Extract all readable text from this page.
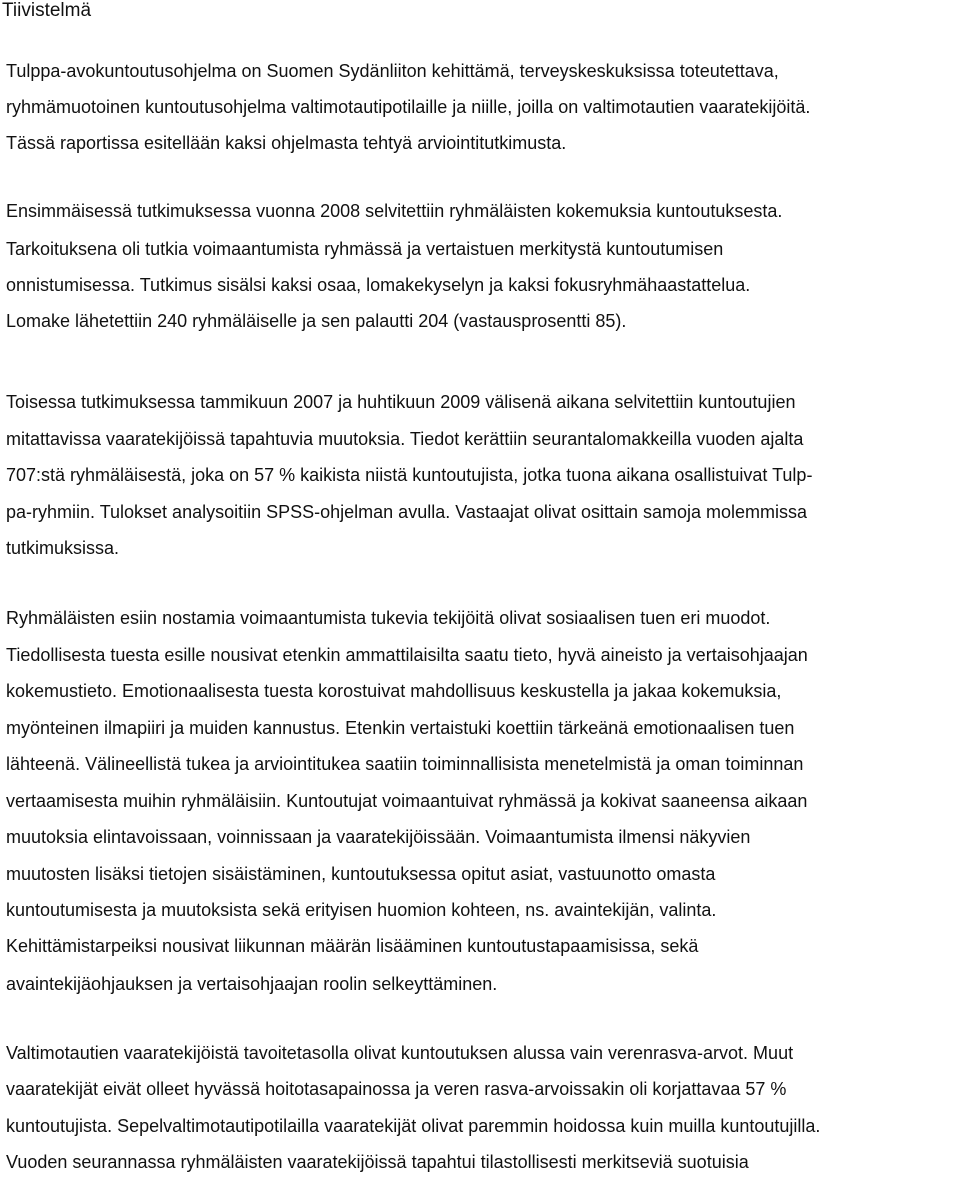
Tiivistelmä

Tulppa-avokuntoutusohjelma on Suomen Sydänliiton kehittämä, terveyskeskuksissa toteutettava,

ryhmämuotoinen kuntoutusohjelma valtimotautipotilaille ja niille, joilla on valtimotautien vaaratekijöitä.

Tässä raportissa esitellään kaksi ohjelmasta tehtyä arviointitutkimusta.

Ensimmäisessä tutkimuksessa vuonna 2008 selvitettiin ryhmäläisten kokemuksia kuntoutuksesta.

Tarkoituksena oli tutkia voimaantumista ryhmässä ja vertaistuen merkitystä kuntoutumisen

onnistumisessa. Tutkimus sisälsi kaksi osaa, lomakekyselyn ja kaksi fokusryhmähaastattelua.

Lomake lähetettiin 240 ryhmäläiselle ja sen palautti 204 (vastausprosentti 85).

Toisessa tutkimuksessa tammikuun 2007 ja huhtikuun 2009 välisenä aikana selvitettiin kuntoutujien

mitattavissa vaaratekijöissä tapahtuvia muutoksia. Tiedot kerättiin seurantalomakkeilla vuoden ajalta

707:stä ryhmäläisestä, joka on 57 % kaikista niistä kuntoutujista, jotka tuona aikana osallistuivat Tulp-

pa-ryhmiin. Tulokset analysoitiin SPSS-ohjelman avulla. Vastaajat olivat osittain samoja molemmissa

tutkimuksissa.

Ryhmäläisten esiin nostamia voimaantumista tukevia tekijöitä olivat sosiaalisen tuen eri muodot.

Tiedollisesta tuesta esille nousivat etenkin ammattilaisilta saatu tieto, hyvä aineisto ja vertaisohjaajan

kokemustieto. Emotionaalisesta tuesta korostuivat mahdollisuus keskustella ja jakaa kokemuksia,

myönteinen ilmapiiri ja muiden kannustus. Etenkin vertaistuki koettiin tärkeänä emotionaalisen tuen

lähteenä. Välineellistä tukea ja arviointitukea saatiin toiminnallisista menetelmistä ja oman toiminnan

vertaamisesta muihin ryhmäläisiin. Kuntoutujat voimaantuivat ryhmässä ja kokivat saaneensa aikaan

muutoksia elintavoissaan, voinnissaan ja vaaratekijöissään. Voimaantumista ilmensi näkyvien

muutosten lisäksi tietojen sisäistäminen, kuntoutuksessa opitut asiat, vastuunotto omasta

kuntoutumisesta ja muutoksista sekä erityisen huomion kohteen, ns. avaintekijän, valinta.

Kehittämistarpeiksi nousivat liikunnan määrän lisääminen kuntoutustapaamisissa, sekä

avaintekijäohjauksen ja vertaisohjaajan roolin selkeyttäminen.

Valtimotautien vaaratekijöistä tavoitetasolla olivat kuntoutuksen alussa vain verenrasva-arvot. Muut

vaaratekijät eivät olleet hyvässä hoitotasapainossa ja veren rasva-arvoissakin oli korjattavaa 57 %

kuntoutujista. Sepelvaltimotautipotilailla vaaratekijät olivat paremmin hoidossa kuin muilla kuntoutujilla.

Vuoden seurannassa ryhmäläisten vaaratekijöissä tapahtui tilastollisesti merkitseviä suotuisia
